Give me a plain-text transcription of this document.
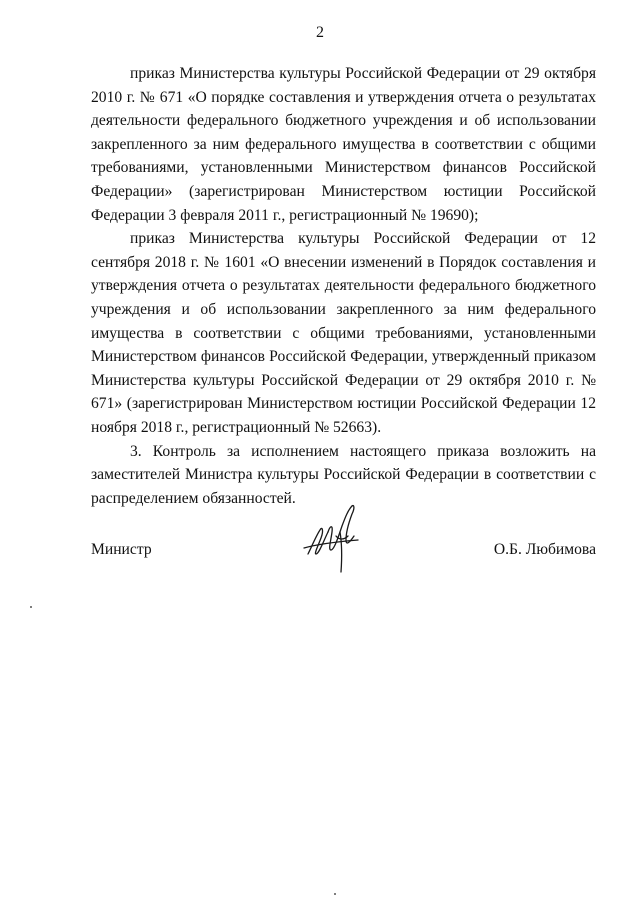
2

приказ Министерства культуры Российской Федерации от 29 октября 2010 г. № 671 «О порядке составления и утверждения отчета о результатах деятельности федерального бюджетного учреждения и об использовании закрепленного за ним федерального имущества в соответствии с общими требованиями, установленными Министерством финансов Российской Федерации» (зарегистрирован Министерством юстиции Российской Федерации 3 февраля 2011 г., регистрационный № 19690);

приказ Министерства культуры Российской Федерации от 12 сентября 2018 г. № 1601 «О внесении изменений в Порядок составления и утверждения отчета о результатах деятельности федерального бюджетного учреждения и об использовании закрепленного за ним федерального имущества в соответствии с общими требованиями, установленными Министерством финансов Российской Федерации, утвержденный приказом Министерства культуры Российской Федерации от 29 октября 2010 г. № 671» (зарегистрирован Министерством юстиции Российской Федерации 12 ноября 2018 г., регистрационный № 52663).

3. Контроль за исполнением настоящего приказа возложить на заместителей Министра культуры Российской Федерации в соответствии с распределением обязанностей.

Министр	О.Б. Любимова
